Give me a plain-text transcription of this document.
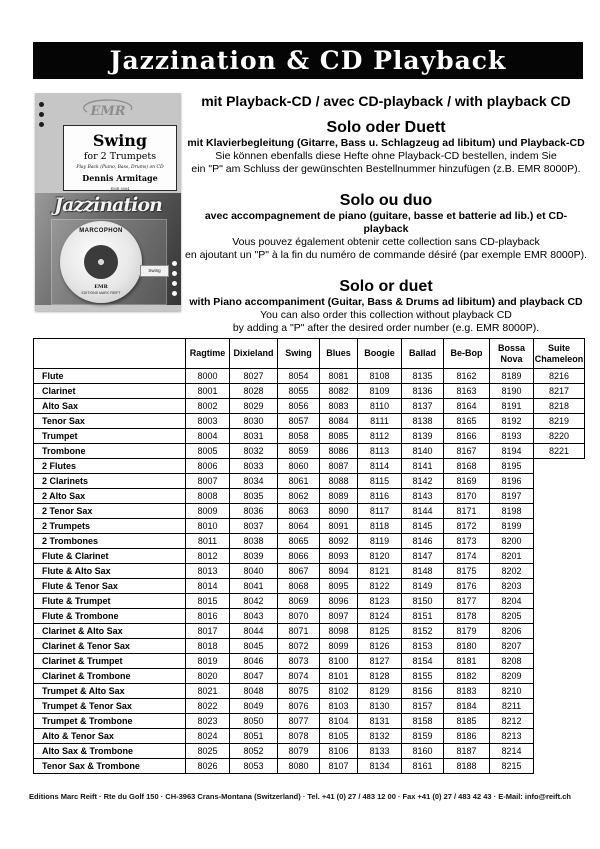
Jazzination & CD Playback
EMR
Swing
for 2 Trumpets
Play Back (Piano, Bass, Drums) on CD
Dennis Armitage
EMR 8064
Jazzination
MARCOPHON
EMR
EDITIONS MARC REIFT
Swing
mit Playback-CD / avec CD-playback / with playback CD
Solo oder Duett
mit Klavierbegleitung (Gitarre, Bass u. Schlagzeug ad libitum) und Playback-CD
Sie können ebenfalls diese Hefte ohne Playback-CD bestellen, indem Sie
ein "P" am Schluss der gewünschten Bestellnummer hinzufügen (z.B. EMR 8000P).
Solo ou duo
avec accompagnement de piano (guitare, basse et batterie ad lib.) et CD-playback
Vous pouvez également obtenir cette collection sans CD-playback
en ajoutant un "P" à la fin du numéro de commande désiré (par exemple EMR 8000P).
Solo or duet
with Piano accompaniment (Guitar, Bass & Drums ad libitum) and playback CD
You can also order this collection without playback CD
by adding a "P" after the desired order number (e.g. EMR 8000P).
	Ragtime	Dixieland	Swing	Blues	Boogie	Ballad	Be-Bop	Bossa Nova	Suite Chameleon
Flute	8000	8027	8054	8081	8108	8135	8162	8189	8216
Clarinet	8001	8028	8055	8082	8109	8136	8163	8190	8217
Alto Sax	8002	8029	8056	8083	8110	8137	8164	8191	8218
Tenor Sax	8003	8030	8057	8084	8111	8138	8165	8192	8219
Trumpet	8004	8031	8058	8085	8112	8139	8166	8193	8220
Trombone	8005	8032	8059	8086	8113	8140	8167	8194	8221
2 Flutes	8006	8033	8060	8087	8114	8141	8168	8195	
2 Clarinets	8007	8034	8061	8088	8115	8142	8169	8196	
2 Alto Sax	8008	8035	8062	8089	8116	8143	8170	8197	
2 Tenor Sax	8009	8036	8063	8090	8117	8144	8171	8198	
2 Trumpets	8010	8037	8064	8091	8118	8145	8172	8199	
2 Trombones	8011	8038	8065	8092	8119	8146	8173	8200	
Flute & Clarinet	8012	8039	8066	8093	8120	8147	8174	8201	
Flute & Alto Sax	8013	8040	8067	8094	8121	8148	8175	8202	
Flute & Tenor Sax	8014	8041	8068	8095	8122	8149	8176	8203	
Flute & Trumpet	8015	8042	8069	8096	8123	8150	8177	8204	
Flute & Trombone	8016	8043	8070	8097	8124	8151	8178	8205	
Clarinet & Alto Sax	8017	8044	8071	8098	8125	8152	8179	8206	
Clarinet & Tenor Sax	8018	8045	8072	8099	8126	8153	8180	8207	
Clarinet & Trumpet	8019	8046	8073	8100	8127	8154	8181	8208	
Clarinet & Trombone	8020	8047	8074	8101	8128	8155	8182	8209	
Trumpet & Alto Sax	8021	8048	8075	8102	8129	8156	8183	8210	
Trumpet & Tenor Sax	8022	8049	8076	8103	8130	8157	8184	8211	
Trumpet & Trombone	8023	8050	8077	8104	8131	8158	8185	8212	
Alto & Tenor Sax	8024	8051	8078	8105	8132	8159	8186	8213	
Alto Sax & Trombone	8025	8052	8079	8106	8133	8160	8187	8214	
Tenor Sax & Trombone	8026	8053	8080	8107	8134	8161	8188	8215	
Editions Marc Reift · Rte du Golf 150 · CH-3963 Crans-Montana (Switzerland) · Tel. +41 (0) 27 / 483 12 00 · Fax +41 (0) 27 / 483 42 43 · E-Mail: info@reift.ch
